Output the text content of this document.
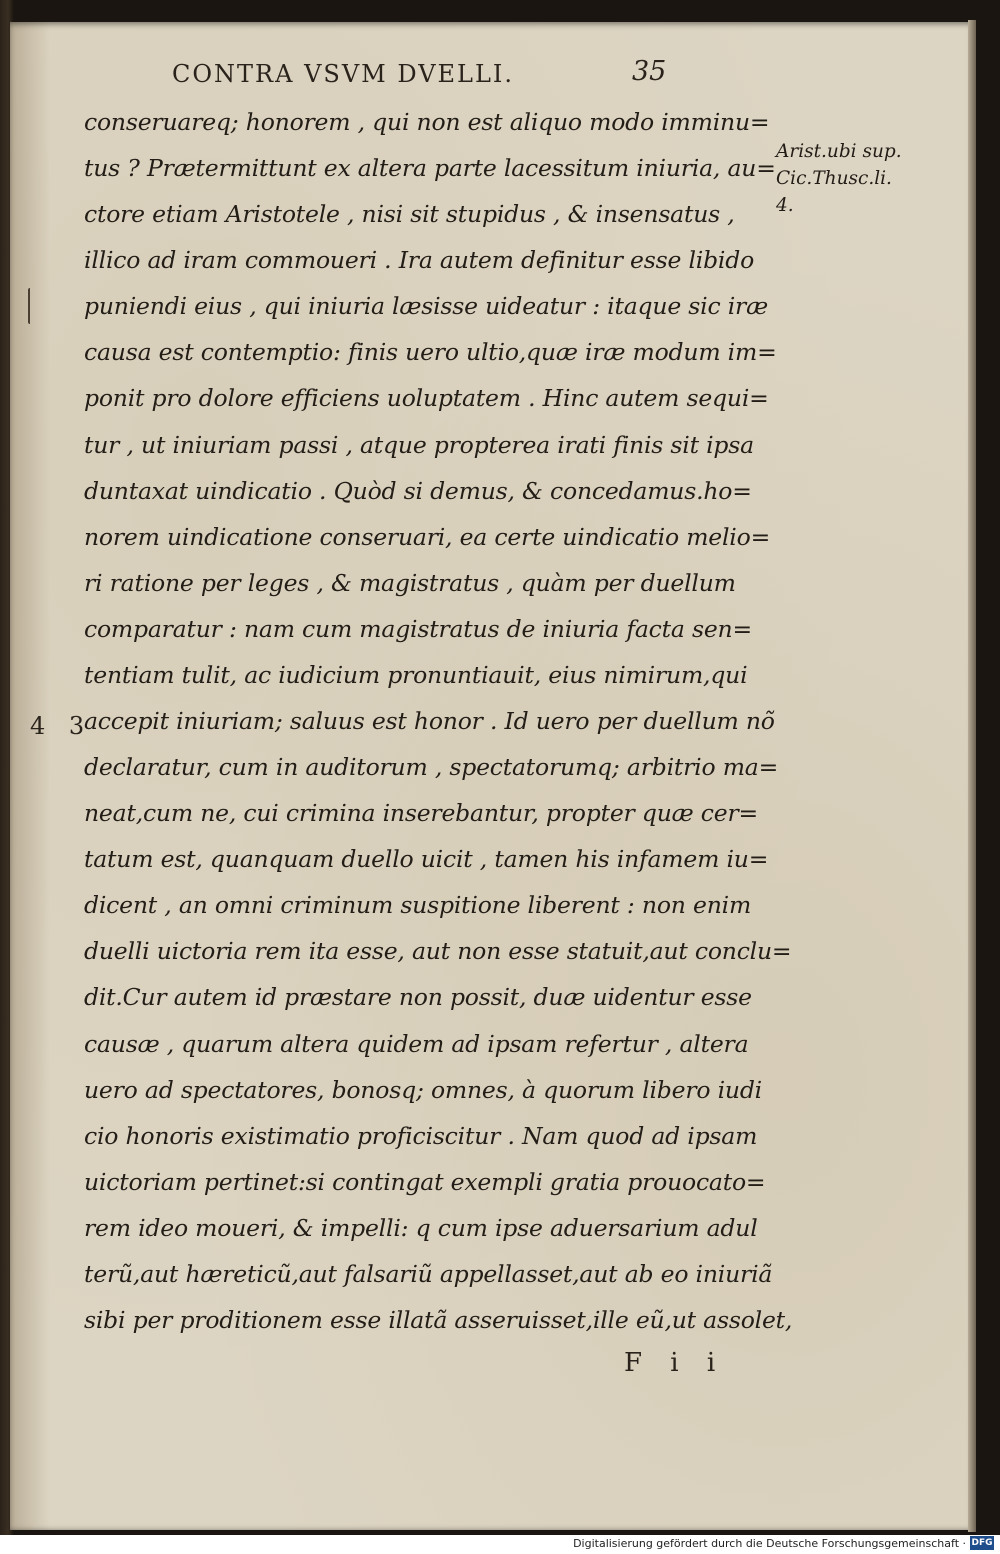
CONTRA VSVM DVELLI.	35
Arist.ubi sup.
Cic.Thusc.li.
4.
4 3
conseruareq; honorem , qui non est aliquo modo imminu=
tus ? Prætermittunt ex altera parte lacessitum iniuria, au=
ctore etiam Aristotele , nisi sit stupidus , & insensatus ,
illico ad iram commoueri . Ira autem definitur esse libido
puniendi eius , qui iniuria læsisse uideatur : itaque sic iræ
causa est contemptio: finis uero ultio,quæ iræ modum im=
ponit pro dolore efficiens uoluptatem . Hinc autem sequi=
tur , ut iniuriam passi , atque propterea irati finis sit ipsa
duntaxat uindicatio . Quòd si demus, & concedamus.ho=
norem uindicatione conseruari, ea certe uindicatio melio=
ri ratione per leges , & magistratus , quàm per duellum
comparatur : nam cum magistratus de iniuria facta sen=
tentiam tulit, ac iudicium pronuntiauit, eius nimirum,qui
accepit iniuriam; saluus est honor . Id uero per duellum nõ
declaratur, cum in auditorum , spectatorumq; arbitrio ma=
neat,cum ne, cui crimina inserebantur, propter quæ cer=
tatum est, quanquam duello uicit , tamen his infamem iu=
dicent , an omni criminum suspitione liberent : non enim
duelli uictoria rem ita esse, aut non esse statuit,aut conclu=
dit.Cur autem id præstare non possit, duæ uidentur esse
causæ , quarum altera quidem ad ipsam refertur , altera
uero ad spectatores, bonosq; omnes, à quorum libero iudi
cio honoris existimatio proficiscitur . Nam quod ad ipsam
uictoriam pertinet:si contingat exempli gratia prouocato=
rem ideo moueri, & impelli: q cum ipse aduersarium adul
terũ,aut hæreticũ,aut falsariũ appellasset,aut ab eo iniuriã
sibi per proditionem esse illatã asseruisset,ille eũ,ut assolet,
F i i
Digitalisierung gefördert durch die Deutsche Forschungsgemeinschaft · DFG
